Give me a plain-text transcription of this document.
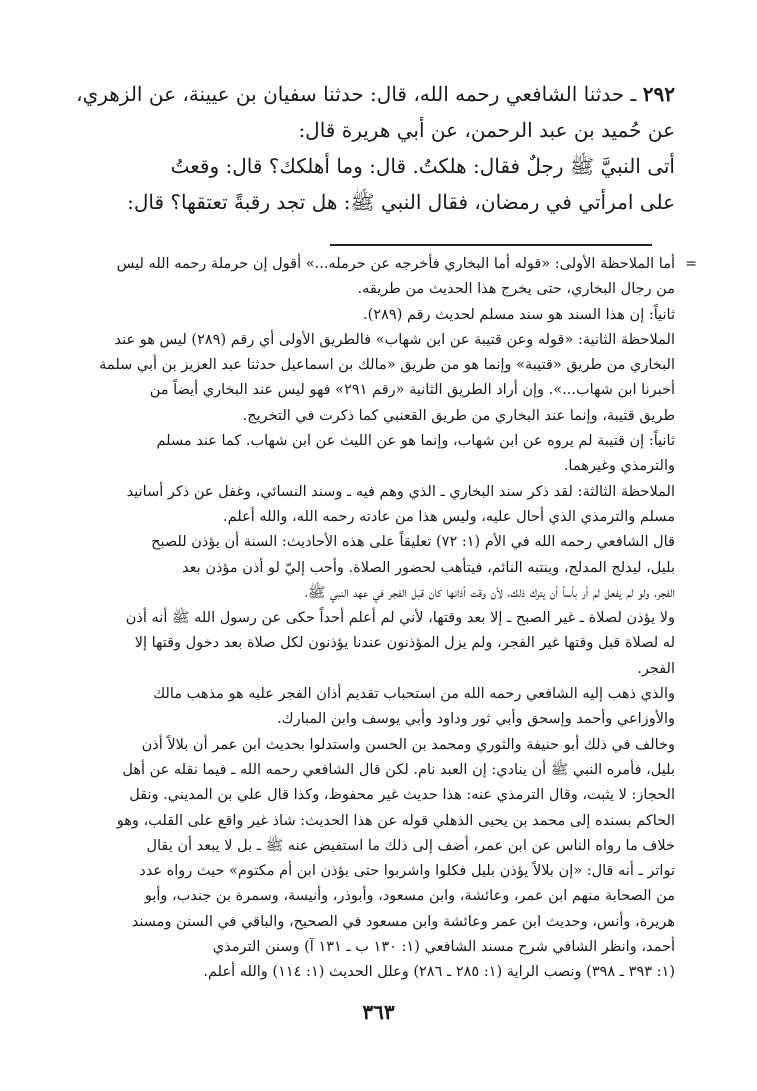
٢٩٢ ـ حدثنا الشافعي رحمه الله، قال: حدثنا سفيان بن عيينة، عن الزهري،
عن حُميد بن عبد الرحمن، عن أبي هريرة قال:
أتى النبيَّ ﷺ رجلٌ فقال: هلكتُ. قال: وما أهلكك؟ قال: وقعتُ
على امرأتي في رمضان، فقال النبي ﷺ: هل تجد رقبةً تعتقها؟ قال:
=
أما الملاحظة الأولى: «قوله أما البخاري فأخرجه عن حرمله...» أقول إن حرملة رحمه الله ليس
من رجال البخاري، حتى يخرج هذا الحديث من طريقه.
ثانياً: إن هذا السند هو سند مسلم لحديث رقم (٢٨٩).
الملاحظة الثانية: «قوله وعن قتيبة عن ابن شهاب» فالطريق الأولى أي رقم (٢٨٩) ليس هو عند
البخاري من طريق «قتيبة» وإنما هو من طريق «مالك بن اسماعيل حدثنا عبد العزيز بن أبي سلمة
أخبرنا ابن شهاب...». وإن أراد الطريق الثانية «رقم ٢٩١» فهو ليس عند البخاري أيضاً من
طريق قتيبة، وإنما عند البخاري من طريق القعنبي كما ذكرت في التخريج.
ثانياً: إن قتيبة لم يروه عن ابن شهاب، وإنما هو عن الليث عن ابن شهاب. كما عند مسلم
والترمذي وغيرهما.
الملاحظة الثالثة: لقد ذكر سند البخاري ـ الذي وهم فيه ـ وسند النسائي، وغفل عن ذكر أسانيد
مسلم والترمذي الذي أحال عليه، وليس هذا من عادته رحمه الله، والله أعلم.
قال الشافعي رحمه الله في الأم (١: ٧٢) تعليقاً على هذه الأحاديث: السنة أن يؤذن للصبح
بليل، ليدلج المدلج، وينتبه النائم، فيتأهب لحضور الصلاة. وأحب إليّ لو أذن مؤذن بعد
الفجر، ولو لم يفعل لم أر بأساً أن يترك ذلك، لأن وقت أذانها كان قبل الفجر في عهد النبي ﷺ،
ولا يؤذن لصلاة ـ غير الصبح ـ إلا بعد وقتها، لأني لم أعلم أحداً حكى عن رسول الله ﷺ أنه أذن
له لصلاة قبل وقتها غير الفجر، ولم يزل المؤذنون عندنا يؤذنون لكل صلاة بعد دخول وقتها إلا
الفجر.
والذي ذهب إليه الشافعي رحمه الله من استحباب تقديم أذان الفجر عليه هو مذهب مالك
والأوزاعي وأحمد وإسحق وأبي ثور وداود وأبي يوسف وابن المبارك.
وخالف في ذلك أبو حنيفة والثوري ومحمد بن الحسن واستدلوا بحديث ابن عمر أن بلالاً أذن
بليل، فأمره النبي ﷺ أن ينادي: إن العبد نام. لكن قال الشافعي رحمه الله ـ فيما نقله عن أهل
الحجاز: لا يثبت، وقال الترمذي عنه: هذا حديث غير محفوظ، وكذا قال علي بن المديني. ونقل
الحاكم بسنده إلى محمد بن يحيى الذهلي قوله عن هذا الحديث: شاذ غير واقع على القلب، وهو
خلاف ما رواه الناس عن ابن عمر، أضف إلى ذلك ما استفيض عنه ﷺ ـ بل لا يبعد أن يقال
تواتر ـ أنه قال: «إن بلالاً يؤذن بليل فكلوا واشربوا حتى يؤذن ابن أم مكتوم» حيث رواه عدد
من الصحابة منهم ابن عمر، وعائشة، وابن مسعود، وأبوذر، وأنيسة، وسمرة بن جندب، وأبو
هريرة، وأنس، وحديث ابن عمر وعائشة وابن مسعود في الصحيح، والباقي في السنن ومسند
أحمد، وانظر الشافي شرح مسند الشافعي (١: ١٣٠ ب ـ ١٣١ آ) وسنن الترمذي
(١: ٣٩٣ ـ ٣٩٨) ونصب الراية (١: ٢٨٥ ـ ٢٨٦) وعلل الحديث (١: ١١٤) والله أعلم.
٣٦٣
